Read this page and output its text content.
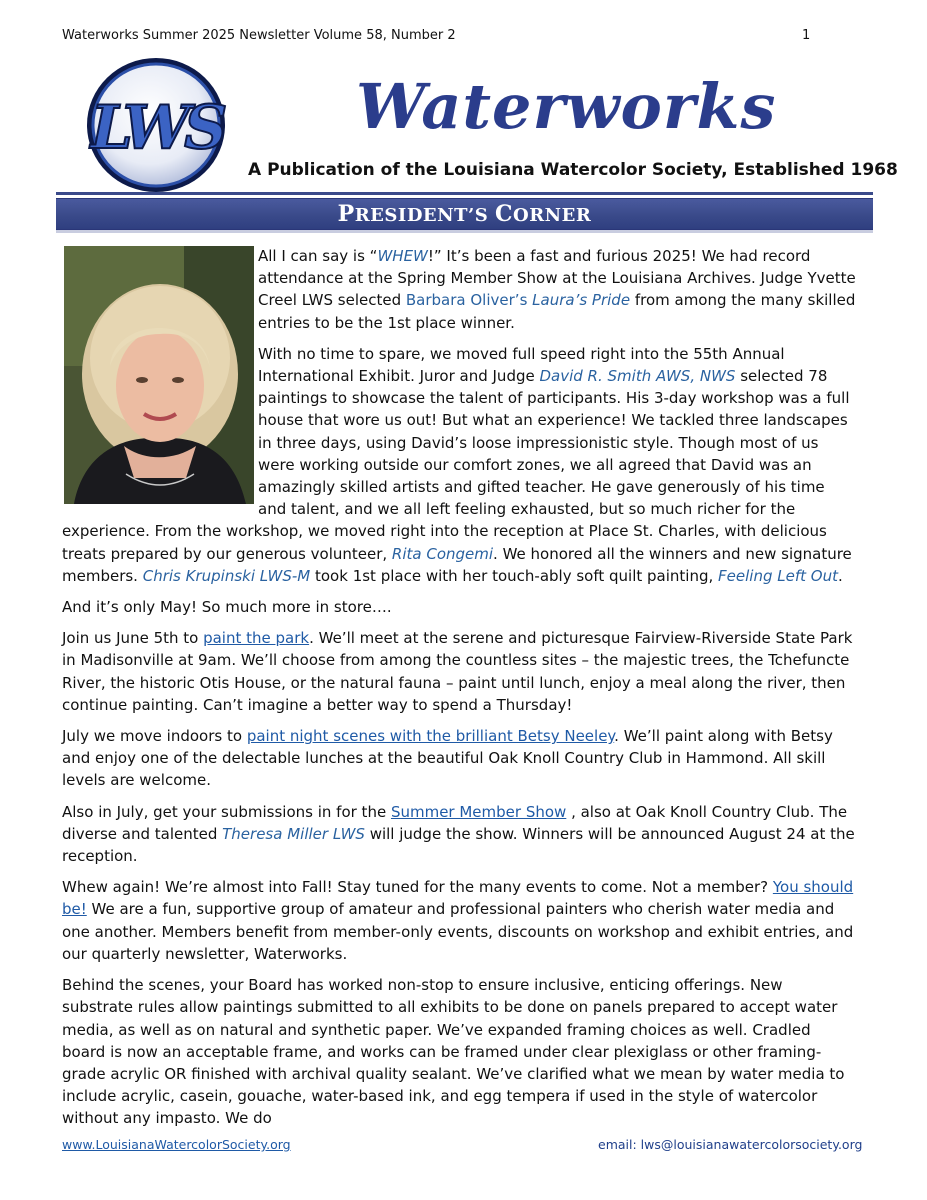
Waterworks Summer 2025 Newsletter Volume 58, Number 2	1
LWS Waterworks
A Publication of the Louisiana Watercolor Society, Established 1968
PRESIDENT’S CORNER

All I can say is “WHEW!” It’s been a fast and furious 2025! We had record attendance at the Spring Member Show at the Louisiana Archives. Judge Yvette Creel LWS selected Barbara Oliver’s Laura’s Pride from among the many skilled entries to be the 1st place winner.

With no time to spare, we moved full speed right into the 55th Annual International Exhibit. Juror and Judge David R. Smith AWS, NWS selected 78 paintings to showcase the talent of participants. His 3-day workshop was a full house that wore us out! But what an experience! We tackled three landscapes in three days, using David’s loose impressionistic style. Though most of us were working outside our comfort zones, we all agreed that David was an amazingly skilled artists and gifted teacher. He gave generously of his time and talent, and we all left feeling exhausted, but so much richer for the experience. From the workshop, we moved right into the reception at Place St. Charles, with delicious treats prepared by our generous volunteer, Rita Congemi. We honored all the winners and new signature members. Chris Krupinski LWS-M took 1st place with her touch-ably soft quilt painting, Feeling Left Out.

And it’s only May! So much more in store….

Join us June 5th to paint the park. We’ll meet at the serene and picturesque Fairview-Riverside State Park in Madisonville at 9am. We’ll choose from among the countless sites – the majestic trees, the Tchefuncte River, the historic Otis House, or the natural fauna – paint until lunch, enjoy a meal along the river, then continue painting. Can’t imagine a better way to spend a Thursday!

July we move indoors to paint night scenes with the brilliant Betsy Neeley. We’ll paint along with Betsy and enjoy one of the delectable lunches at the beautiful Oak Knoll Country Club in Hammond. All skill levels are welcome.

Also in July, get your submissions in for the Summer Member Show , also at Oak Knoll Country Club. The diverse and talented Theresa Miller LWS will judge the show. Winners will be announced August 24 at the reception.

Whew again! We’re almost into Fall! Stay tuned for the many events to come. Not a member? You should be! We are a fun, supportive group of amateur and professional painters who cherish water media and one another. Members benefit from member-only events, discounts on workshop and exhibit entries, and our quarterly newsletter, Waterworks.

Behind the scenes, your Board has worked non-stop to ensure inclusive, enticing offerings. New substrate rules allow paintings submitted to all exhibits to be done on panels prepared to accept water media, as well as on natural and synthetic paper. We’ve expanded framing choices as well. Cradled board is now an acceptable frame, and works can be framed under clear plexiglass or other framing-grade acrylic OR finished with archival quality sealant. We’ve clarified what we mean by water media to include acrylic, casein, gouache, water-based ink, and egg tempera if used in the style of watercolor without any impasto. We do

www.LouisianaWatercolorSociety.org	email: lws@louisianawatercolorsociety.org
